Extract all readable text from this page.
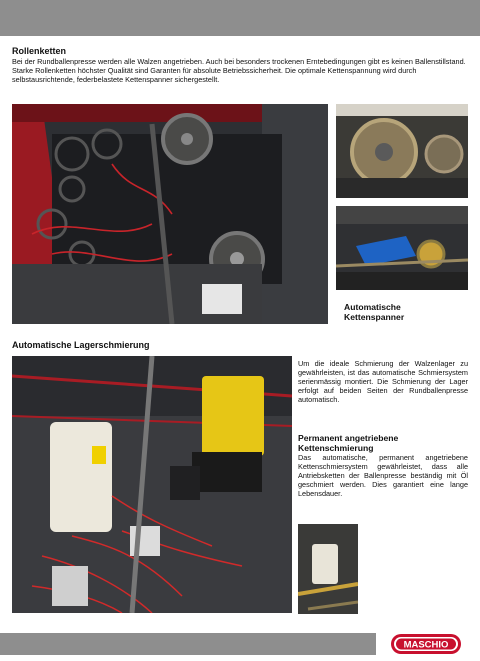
Rollenketten

Bei der Rundballenpresse werden alle Walzen angetrieben. Auch bei besonders trockenen Erntebedingungen gibt es keinen Ballenstillstand. Starke Rollenketten höchster Qualität sind Garanten für absolute Betriebssicherheit. Die optimale Kettenspannung wird durch selbstausrichtende, federbelastete Kettenspanner sichergestellt.

Automatische
Kettenspanner
Automatische Lagerschmierung

Um die ideale Schmierung der Walzenlager zu gewährleisten, ist das automatische Schmiersystem serienmässig montiert. Die Schmierung der Lager erfolgt auf beiden Seiten der Rundballenpresse automatisch.

Permanent angetriebene
Kettenschmierung

Das automatische, permanent angetriebene Kettenschmiersystem gewährleistet, dass alle Antriebsketten der Ballenpresse beständig mit Öl geschmiert werden. Dies garantiert eine lange Lebensdauer.

MASCHIO
